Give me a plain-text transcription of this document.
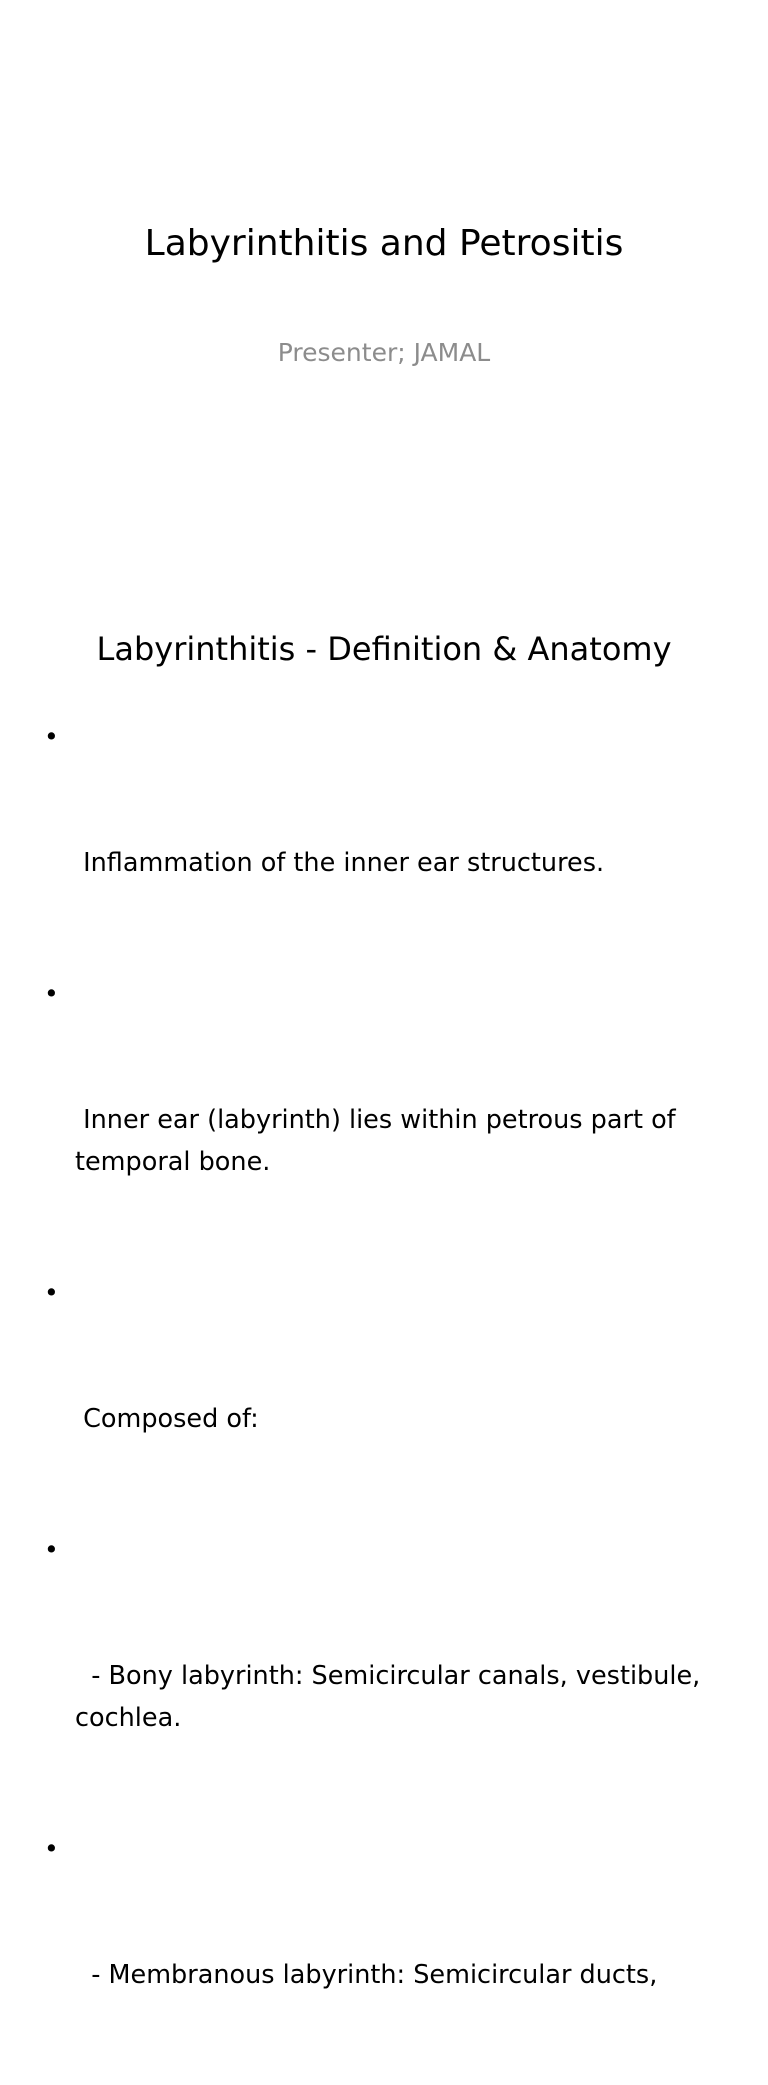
Labyrinthitis and Petrositis
Presenter; JAMAL
Labyrinthitis - Definition & Anatomy

•

Inflammation of the inner ear structures.

•

Inner ear (labyrinth) lies within petrous part of temporal bone.

•

Composed of:

•

- Bony labyrinth: Semicircular canals, vestibule, cochlea.

•

- Membranous labyrinth: Semicircular ducts,
